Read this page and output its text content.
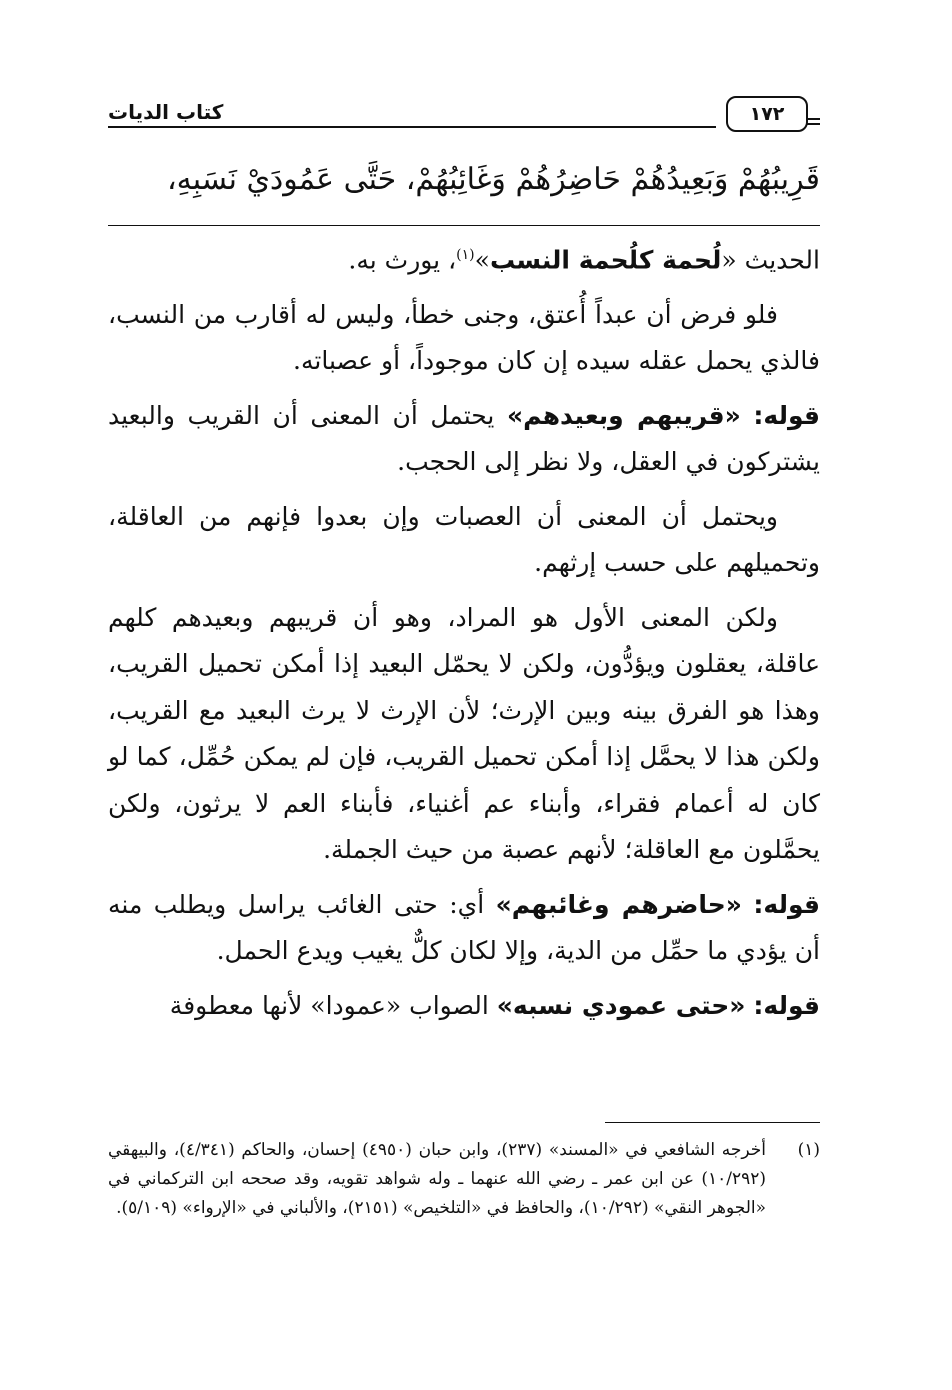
كتاب الديات	١٧٢
قَرِيبُهُمْ وَبَعِيدُهُمْ حَاضِرُهُمْ وَغَائِبُهُمْ، حَتَّى عَمُودَيْ نَسَبِهِ،

الحديث «لُحمة كلُحمة النسب»$^{(١)}$، يورث به.

فلو فرض أن عبداً أُعتق، وجنى خطأ، وليس له أقارب من النسب، فالذي يحمل عقله سيده إن كان موجوداً، أو عصباته.

قوله: «قريبهم وبعيدهم» يحتمل أن المعنى أن القريب والبعيد يشتركون في العقل، ولا نظر إلى الحجب.

ويحتمل أن المعنى أن العصبات وإن بعدوا فإنهم من العاقلة، وتحميلهم على حسب إرثهم.

ولكن المعنى الأول هو المراد، وهو أن قريبهم وبعيدهم كلهم عاقلة، يعقلون ويؤدُّون، ولكن لا يحمّل البعيد إذا أمكن تحميل القريب، وهذا هو الفرق بينه وبين الإرث؛ لأن الإرث لا يرث البعيد مع القريب، ولكن هذا لا يحمَّل إذا أمكن تحميل القريب، فإن لم يمكن حُمِّل، كما لو كان له أعمام فقراء، وأبناء عم أغنياء، فأبناء العم لا يرثون، ولكن يحمَّلون مع العاقلة؛ لأنهم عصبة من حيث الجملة.

قوله: «حاضرهم وغائبهم» أي: حتى الغائب يراسل ويطلب منه أن يؤدي ما حمِّل من الدية، وإلا لكان كلٌّ يغيب ويدع الحمل.

قوله: «حتى عمودي نسبه» الصواب «عمودا» لأنها معطوفة

(١)
أخرجه الشافعي في «المسند» (٢٣٧)، وابن حبان (٤٩٥٠) إحسان، والحاكم (٤/٣٤١)، والبيهقي (١٠/٢٩٢) عن ابن عمر ـ رضي الله عنهما ـ وله شواهد تقويه، وقد صححه ابن التركماني في «الجوهر النقي» (١٠/٢٩٢)، والحافظ في «التلخيص» (٢١٥١)، والألباني في «الإرواء» (٥/١٠٩).
